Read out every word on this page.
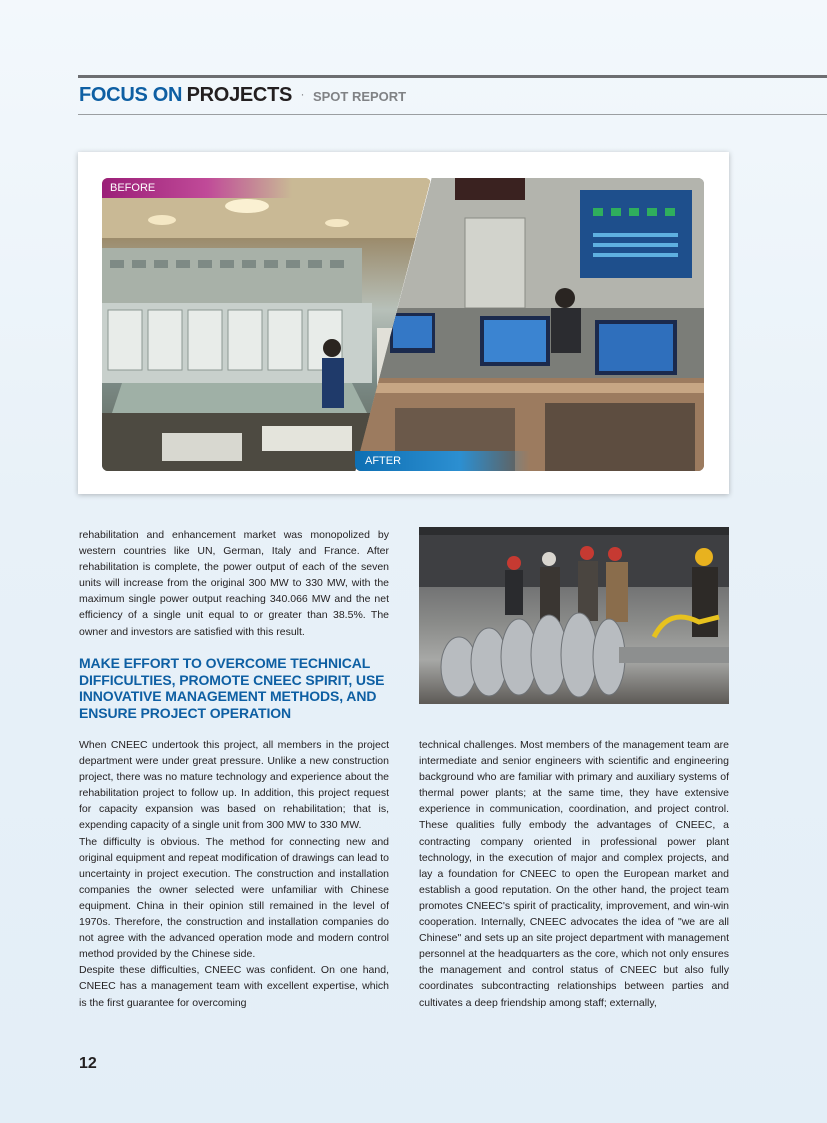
FOCUS ON PROJECTS · SPOT REPORT
BEFORE
AFTER

rehabilitation and enhancement market was monopolized by western countries like UN, German, Italy and France. After rehabilitation is complete, the power output of each of the seven units will increase from the original 300 MW to 330 MW, with the maximum single power output reaching 340.066 MW and the net efficiency of a single unit equal to or greater than 38.5%. The owner and investors are satisfied with this result.

MAKE EFFORT TO OVERCOME TECHNICAL DIFFICULTIES, PROMOTE CNEEC SPIRIT, USE INNOVATIVE MANAGEMENT METHODS, AND ENSURE PROJECT OPERATION

When CNEEC undertook this project, all members in the project department were under great pressure. Unlike a new construction project, there was no mature technology and experience about the rehabilitation project to follow up. In addition, this project request for capacity expansion was based on rehabilitation; that is, expending capacity of a single unit from 300 MW to 330 MW.

The difficulty is obvious. The method for connecting new and original equipment and repeat modification of drawings can lead to uncertainty in project execution. The construction and installation companies the owner selected were unfamiliar with Chinese equipment. China in their opinion still remained in the level of 1970s. Therefore, the construction and installation companies do not agree with the advanced operation mode and modern control method provided by the Chinese side.

Despite these difficulties, CNEEC was confident. On one hand, CNEEC has a management team with excellent expertise, which is the first guarantee for overcoming

technical challenges. Most members of the management team are intermediate and senior engineers with scientific and engineering background who are familiar with primary and auxiliary systems of thermal power plants; at the same time, they have extensive experience in communication, coordination, and project control. These qualities fully embody the advantages of CNEEC, a contracting company oriented in professional power plant technology, in the execution of major and complex projects, and lay a foundation for CNEEC to open the European market and establish a good reputation. On the other hand, the project team promotes CNEEC's spirit of practicality, improvement, and win-win cooperation. Internally, CNEEC advocates the idea of "we are all Chinese" and sets up an site project department with management personnel at the headquarters as the core, which not only ensures the management and control status of CNEEC but also fully coordinates subcontracting relationships between parties and cultivates a deep friendship among staff; externally,

12
